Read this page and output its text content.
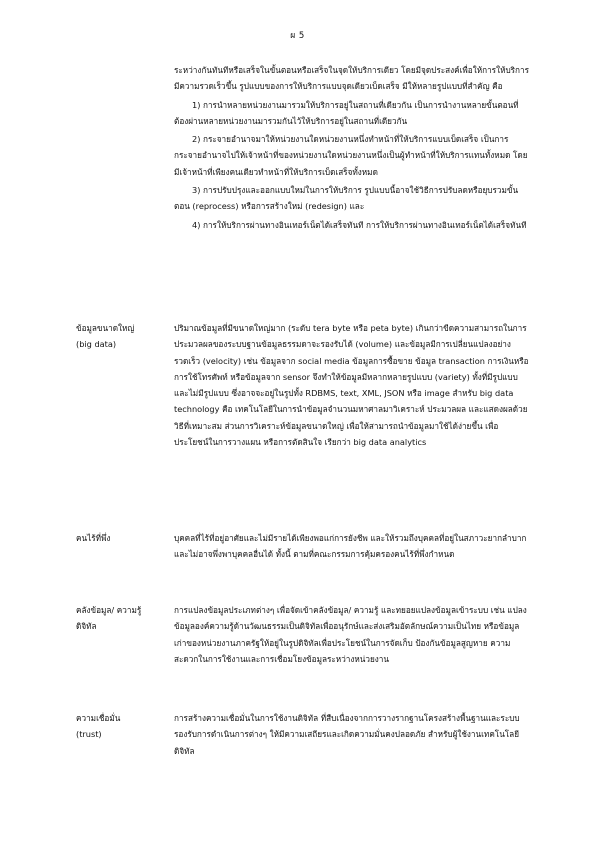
ผ 5

ระหว่างกันทันทีหรือเสร็จในขั้นตอนหรือเสร็จในจุดให้บริการเดียว โดยมีจุดประสงค์เพื่อให้การให้บริการมีความรวดเร็วขึ้น รูปแบบของการให้บริการแบบจุดเดียวเบ็ดเสร็จ มีให้หลายรูปแบบที่สำคัญ คือ

1) การนำหลายหน่วยงานมารวมให้บริการอยู่ในสถานที่เดียวกัน เป็นการนำงานหลายขั้นตอนที่ต้องผ่านหลายหน่วยงานมารวมกันไว้ให้บริการอยู่ในสถานที่เดียวกัน

2) กระจายอำนาจมาให้หน่วยงานใดหน่วยงานหนึ่งทำหน้าที่ให้บริการแบบเบ็ดเสร็จ เป็นการกระจายอำนาจไปให้เจ้าหน้าที่ของหน่วยงานใดหน่วยงานหนึ่งเป็นผู้ทำหน้าที่ให้บริการแทนทั้งหมด โดยมีเจ้าหน้าที่เพียงคนเดียวทำหน้าที่ให้บริการเบ็ดเสร็จทั้งหมด

3) การปรับปรุงและออกแบบใหม่ในการให้บริการ รูปแบบนี้อาจใช้วิธีการปรับลดหรือยุบรวมขั้นตอน (reprocess) หรือการสร้างใหม่ (redesign) และ

4) การให้บริการผ่านทางอินเทอร์เน็ตได้เสร็จทันที การให้บริการผ่านทางอินเทอร์เน็ตได้เสร็จทันที

ข้อมูลขนาดใหญ่
(big data)
ปริมาณข้อมูลที่มีขนาดใหญ่มาก (ระดับ tera byte หรือ peta byte) เกินกว่าขีดความสามารถในการประมวลผลของระบบฐานข้อมูลธรรมดาจะรองรับได้ (volume) และข้อมูลมีการเปลี่ยนแปลงอย่างรวดเร็ว (velocity) เช่น ข้อมูลจาก social media ข้อมูลการซื้อขาย ข้อมูล transaction การเงินหรือการใช้โทรศัพท์ หรือข้อมูลจาก sensor จึงทำให้ข้อมูลมีหลากหลายรูปแบบ (variety) ทั้งที่มีรูปแบบและไม่มีรูปแบบ ซึ่งอาจจะอยู่ในรูปทั้ง RDBMS, text, XML, JSON หรือ image สำหรับ big data technology คือ เทคโนโลยีในการนำข้อมูลจำนวนมหาศาลมาวิเคราะห์ ประมวลผล และแสดงผลด้วยวิธีที่เหมาะสม ส่วนการวิเคราะห์ข้อมูลขนาดใหญ่ เพื่อให้สามารถนำข้อมูลมาใช้ได้ง่ายขึ้น เพื่อประโยชน์ในการวางแผน หรือการตัดสินใจ เรียกว่า big data analytics
คนไร้ที่พึ่ง	บุคคลที่ไร้ที่อยู่อาศัยและไม่มีรายได้เพียงพอแก่การยังชีพ และให้รวมถึงบุคคลที่อยู่ในสภาวะยากลำบากและไม่อาจพึ่งพาบุคคลอื่นได้ ทั้งนี้ ตามที่คณะกรรมการคุ้มครองคนไร้ที่พึ่งกำหนด
คลังข้อมูล/ ความรู้
ดิจิทัล
การแปลงข้อมูลประเภทต่างๆ เพื่อจัดเข้าคลังข้อมูล/ ความรู้ และทยอยแปลงข้อมูลเข้าระบบ เช่น แปลงข้อมูลองค์ความรู้ด้านวัฒนธรรมเป็นดิจิทัลเพื่ออนุรักษ์และส่งเสริมอัตลักษณ์ความเป็นไทย หรือข้อมูลเก่าของหน่วยงานภาครัฐให้อยู่ในรูปดิจิทัลเพื่อประโยชน์ในการจัดเก็บ ป้องกันข้อมูลสูญหาย ความสะดวกในการใช้งานและการเชื่อมโยงข้อมูลระหว่างหน่วยงาน
ความเชื่อมั่น
(trust)
การสร้างความเชื่อมั่นในการใช้งานดิจิทัล ที่สืบเนื่องจากการวางรากฐานโครงสร้างพื้นฐานและระบบรองรับการดำเนินการต่างๆ ให้มีความเสถียรและเกิดความมั่นคงปลอดภัย สำหรับผู้ใช้งานเทคโนโลยีดิจิทัล
